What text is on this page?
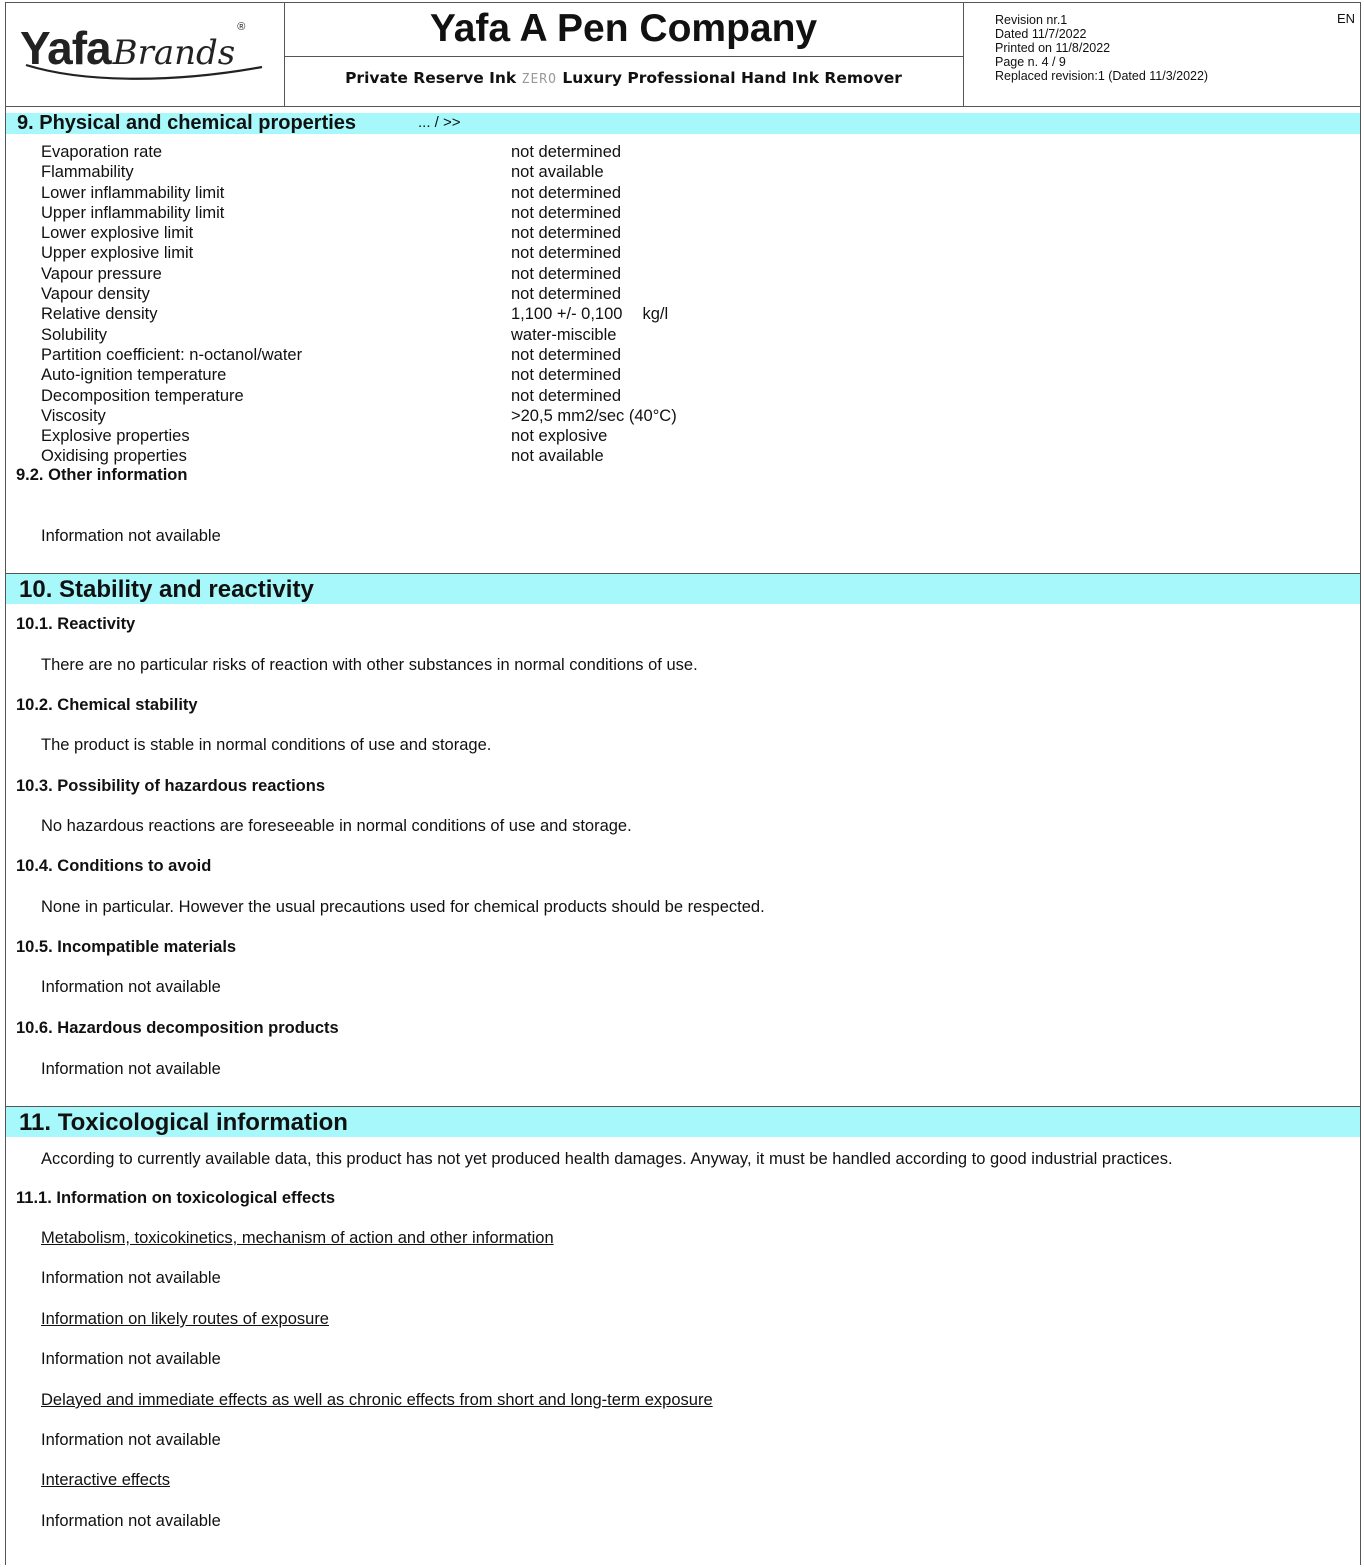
YafaBrands®	Yafa A Pen Company
Private Reserve Ink ZERO Luxury Professional Hand Ink Remover
Revision nr.1
Dated 11/7/2022
Printed on 11/8/2022
Page n. 4 / 9
Replaced revision:1 (Dated 11/3/2022)
EN
9. Physical and chemical properties	... / >>
Evaporation rate	not determined
Flammability	not available
Lower inflammability limit	not determined
Upper inflammability limit	not determined
Lower explosive limit	not determined
Upper explosive limit	not determined
Vapour pressure	not determined
Vapour density	not determined
Relative density	1,100 +/- 0,100 kg/l
Solubility	water-miscible
Partition coefficient: n-octanol/water	not determined
Auto-ignition temperature	not determined
Decomposition temperature	not determined
Viscosity	>20,5 mm2/sec (40°C)
Explosive properties	not explosive
Oxidising properties	not available
9.2. Other information
Information not available
10. Stability and reactivity
10.1. Reactivity
There are no particular risks of reaction with other substances in normal conditions of use.
10.2. Chemical stability
The product is stable in normal conditions of use and storage.
10.3. Possibility of hazardous reactions
No hazardous reactions are foreseeable in normal conditions of use and storage.
10.4. Conditions to avoid
None in particular. However the usual precautions used for chemical products should be respected.
10.5. Incompatible materials
Information not available
10.6. Hazardous decomposition products
Information not available
11. Toxicological information
According to currently available data, this product has not yet produced health damages. Anyway, it must be handled according to good industrial practices.
11.1. Information on toxicological effects
Metabolism, toxicokinetics, mechanism of action and other information
Information not available
Information on likely routes of exposure
Information not available
Delayed and immediate effects as well as chronic effects from short and long-term exposure
Information not available
Interactive effects
Information not available
